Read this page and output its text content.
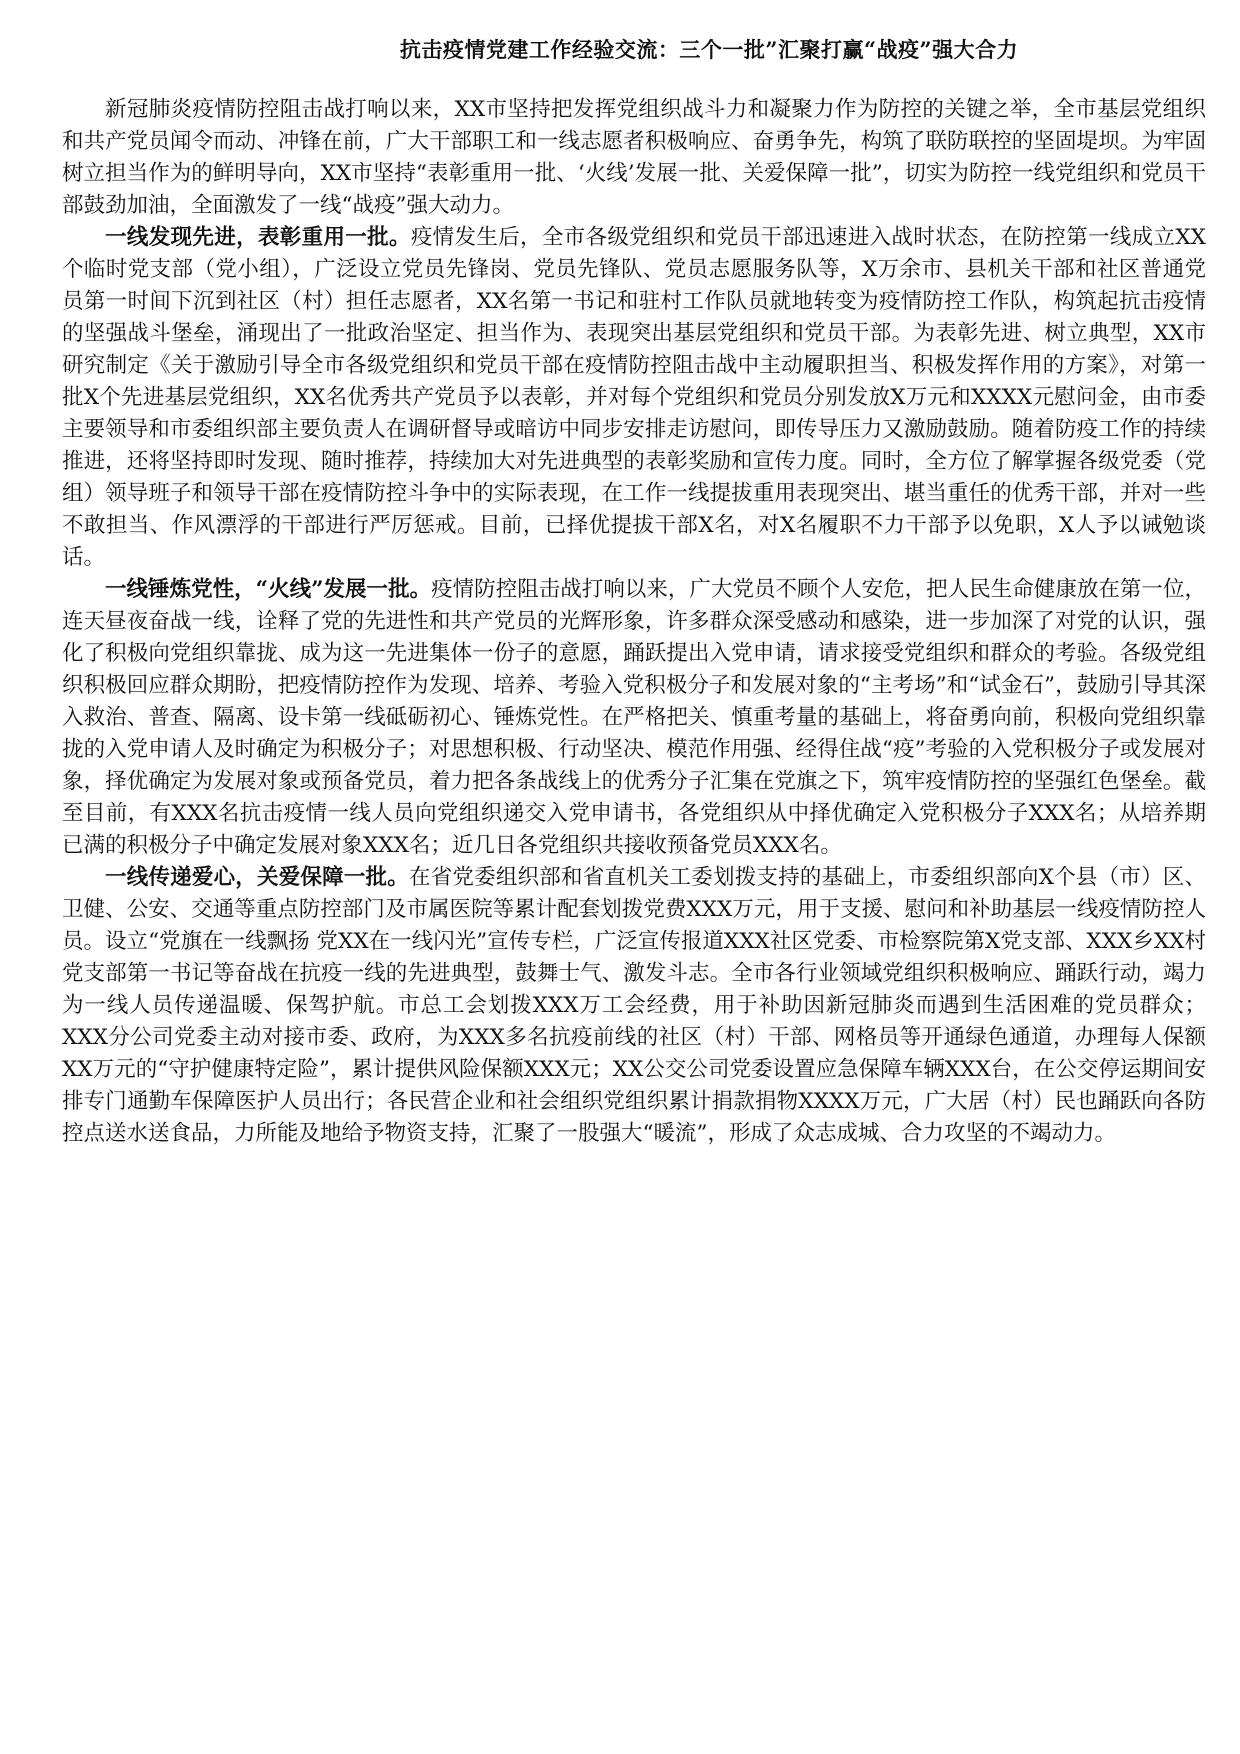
抗击疫情党建工作经验交流：三个一批”汇聚打赢“战疫”强大合力

新冠肺炎疫情防控阻击战打响以来，XX市坚持把发挥党组织战斗力和凝聚力作为防控的关键之举，全市基层党组织和共产党员闻令而动、冲锋在前，广大干部职工和一线志愿者积极响应、奋勇争先，构筑了联防联控的坚固堤坝。为牢固树立担当作为的鲜明导向，XX市坚持“表彰重用一批、‘火线’发展一批、关爱保障一批”，切实为防控一线党组织和党员干部鼓劲加油，全面激发了一线“战疫”强大动力。

一线发现先进，表彰重用一批。疫情发生后，全市各级党组织和党员干部迅速进入战时状态，在防控第一线成立XX个临时党支部（党小组），广泛设立党员先锋岗、党员先锋队、党员志愿服务队等，X万余市、县机关干部和社区普通党员第一时间下沉到社区（村）担任志愿者，XX名第一书记和驻村工作队员就地转变为疫情防控工作队，构筑起抗击疫情的坚强战斗堡垒，涌现出了一批政治坚定、担当作为、表现突出基层党组织和党员干部。为表彰先进、树立典型，XX市研究制定《关于激励引导全市各级党组织和党员干部在疫情防控阻击战中主动履职担当、积极发挥作用的方案》，对第一批X个先进基层党组织，XX名优秀共产党员予以表彰，并对每个党组织和党员分别发放X万元和XXXX元慰问金，由市委主要领导和市委组织部主要负责人在调研督导或暗访中同步安排走访慰问，即传导压力又激励鼓励。随着防疫工作的持续推进，还将坚持即时发现、随时推荐，持续加大对先进典型的表彰奖励和宣传力度。同时，全方位了解掌握各级党委（党组）领导班子和领导干部在疫情防控斗争中的实际表现，在工作一线提拔重用表现突出、堪当重任的优秀干部，并对一些不敢担当、作风漂浮的干部进行严厉惩戒。目前，已择优提拔干部X名，对X名履职不力干部予以免职，X人予以诫勉谈话。

一线锤炼党性，“火线”发展一批。疫情防控阻击战打响以来，广大党员不顾个人安危，把人民生命健康放在第一位，连天昼夜奋战一线，诠释了党的先进性和共产党员的光辉形象，许多群众深受感动和感染，进一步加深了对党的认识，强化了积极向党组织靠拢、成为这一先进集体一份子的意愿，踊跃提出入党申请，请求接受党组织和群众的考验。各级党组织积极回应群众期盼，把疫情防控作为发现、培养、考验入党积极分子和发展对象的“主考场”和“试金石”，鼓励引导其深入救治、普查、隔离、设卡第一线砥砺初心、锤炼党性。在严格把关、慎重考量的基础上，将奋勇向前，积极向党组织靠拢的入党申请人及时确定为积极分子；对思想积极、行动坚决、模范作用强、经得住战“疫”考验的入党积极分子或发展对象，择优确定为发展对象或预备党员，着力把各条战线上的优秀分子汇集在党旗之下，筑牢疫情防控的坚强红色堡垒。截至目前，有XXX名抗击疫情一线人员向党组织递交入党申请书，各党组织从中择优确定入党积极分子XXX名；从培养期已满的积极分子中确定发展对象XXX名；近几日各党组织共接收预备党员XXX名。

一线传递爱心，关爱保障一批。在省党委组织部和省直机关工委划拨支持的基础上，市委组织部向X个县（市）区、卫健、公安、交通等重点防控部门及市属医院等累计配套划拨党费XXX万元，用于支援、慰问和补助基层一线疫情防控人员。设立“党旗在一线飘扬 党XX在一线闪光”宣传专栏，广泛宣传报道XXX社区党委、市检察院第X党支部、XXX乡XX村党支部第一书记等奋战在抗疫一线的先进典型，鼓舞士气、激发斗志。全市各行业领域党组织积极响应、踊跃行动，竭力为一线人员传递温暖、保驾护航。市总工会划拨XXX万工会经费，用于补助因新冠肺炎而遇到生活困难的党员群众；XXX分公司党委主动对接市委、政府，为XXX多名抗疫前线的社区（村）干部、网格员等开通绿色通道，办理每人保额XX万元的“守护健康特定险”，累计提供风险保额XXX元；XX公交公司党委设置应急保障车辆XXX台，在公交停运期间安排专门通勤车保障医护人员出行；各民营企业和社会组织党组织累计捐款捐物XXXX万元，广大居（村）民也踊跃向各防控点送水送食品，力所能及地给予物资支持，汇聚了一股强大“暖流”，形成了众志成城、合力攻坚的不竭动力。
